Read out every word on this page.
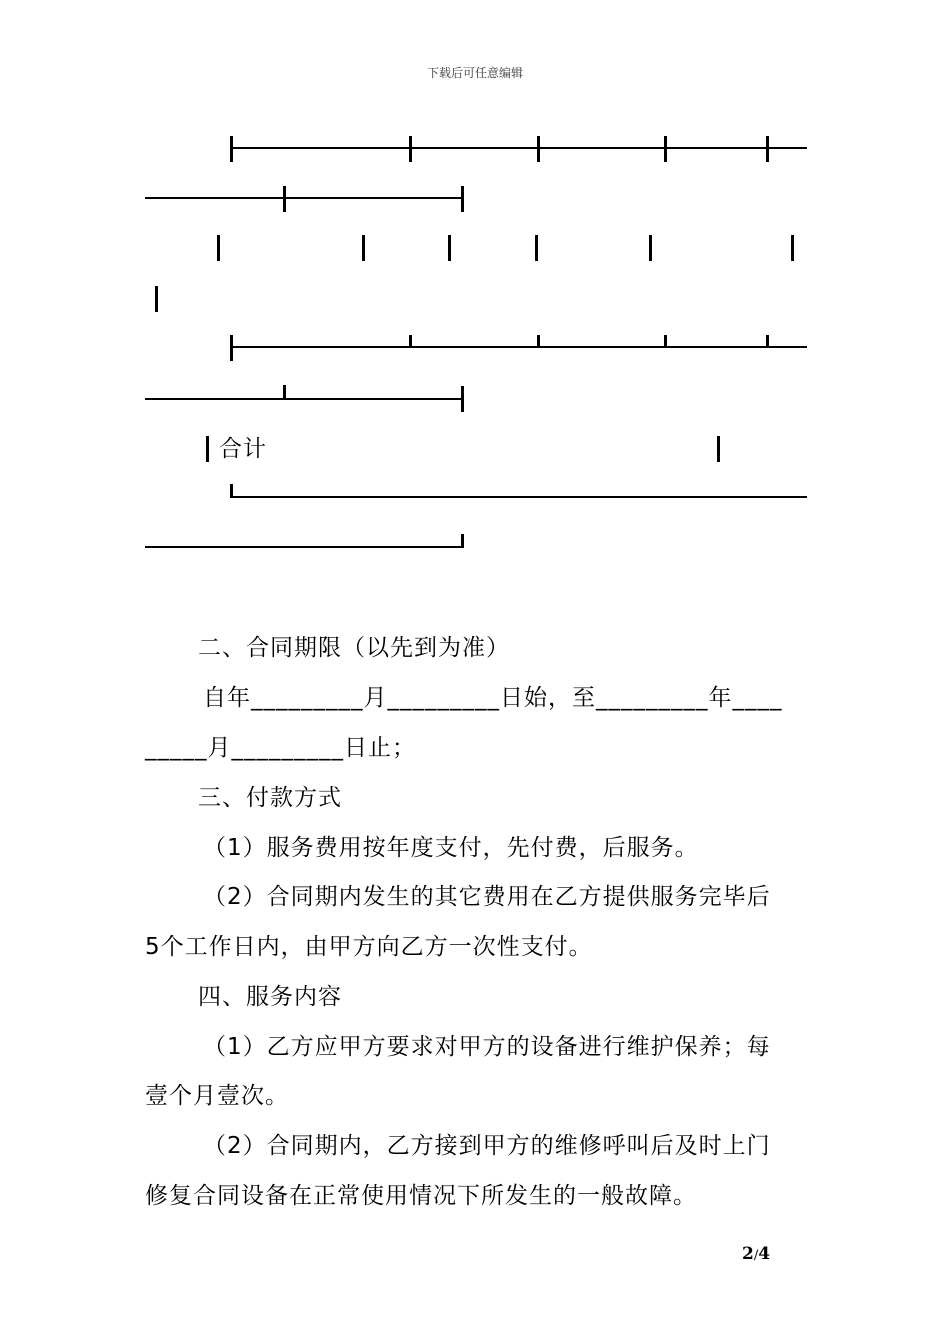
下载后可任意编辑
合计
二、合同期限（以先到为准）
自年_________月_________日始，至_________年____
_____月_________日止；
三、付款方式
（1）服务费用按年度支付，先付费，后服务。
（2）合同期内发生的其它费用在乙方提供服务完毕后
5个工作日内，由甲方向乙方一次性支付。
四、服务内容
（1）乙方应甲方要求对甲方的设备进行维护保养；每
壹个月壹次。
（2）合同期内，乙方接到甲方的维修呼叫后及时上门
修复合同设备在正常使用情况下所发生的一般故障。
2/4
